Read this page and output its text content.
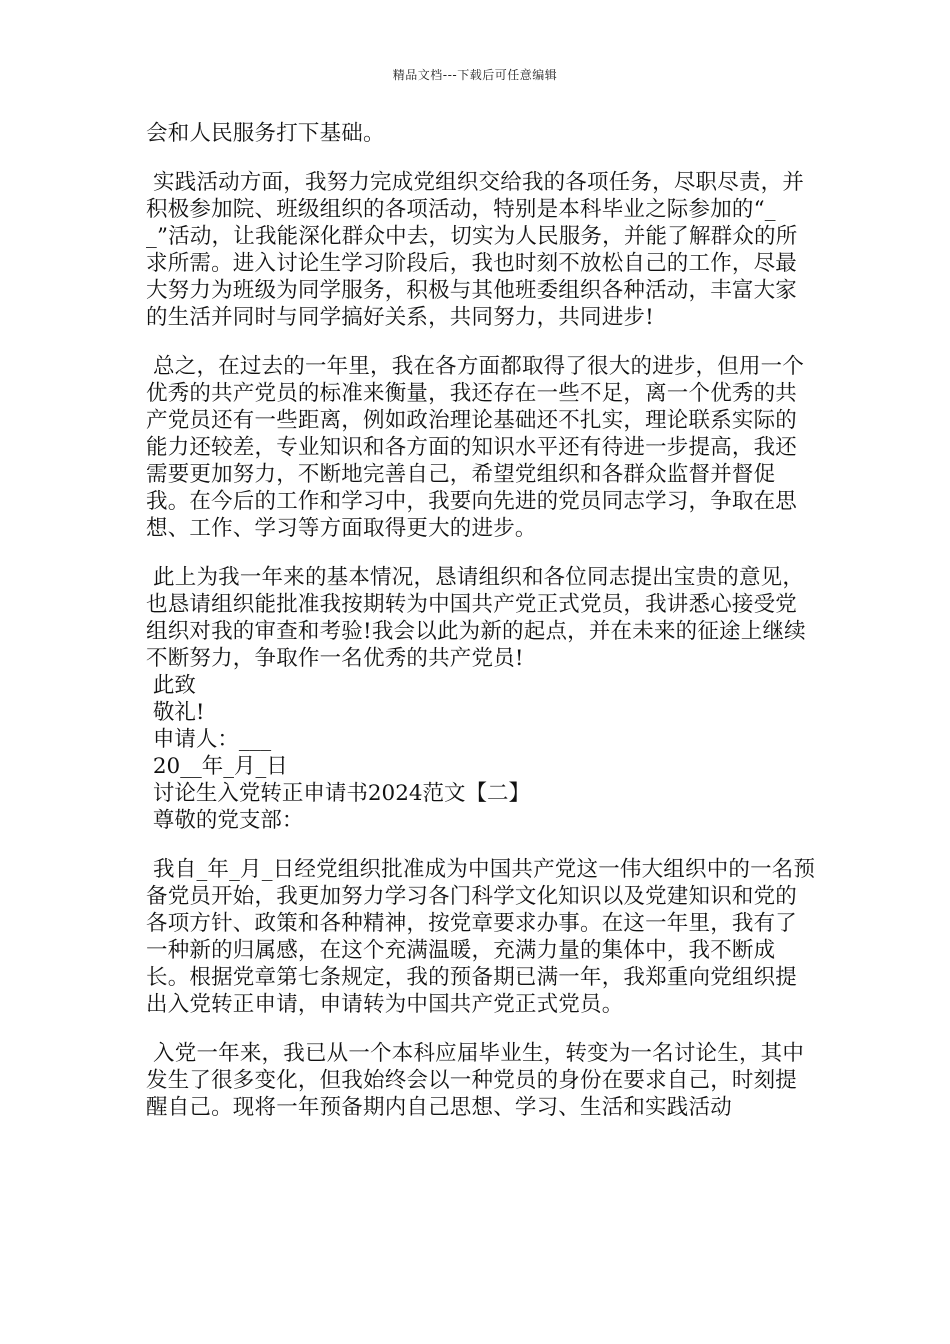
精品文档---下载后可任意编辑

会和人民服务打下基础。

实践活动方面，我努力完成党组织交给我的各项任务，尽职尽责，并积极参加院、班级组织的各项活动，特别是本科毕业之际参加的“__”活动，让我能深化群众中去，切实为人民服务，并能了解群众的所求所需。进入讨论生学习阶段后，我也时刻不放松自己的工作，尽最大努力为班级为同学服务，积极与其他班委组织各种活动，丰富大家的生活并同时与同学搞好关系，共同努力，共同进步!

总之，在过去的一年里，我在各方面都取得了很大的进步，但用一个优秀的共产党员的标准来衡量，我还存在一些不足，离一个优秀的共产党员还有一些距离，例如政治理论基础还不扎实，理论联系实际的能力还较差，专业知识和各方面的知识水平还有待进一步提高，我还需要更加努力，不断地完善自己，希望党组织和各群众监督并督促我。在今后的工作和学习中，我要向先进的党员同志学习，争取在思想、工作、学习等方面取得更大的进步。

此上为我一年来的基本情况，恳请组织和各位同志提出宝贵的意见，也恳请组织能批准我按期转为中国共产党正式党员，我讲悉心接受党组织对我的审查和考验!我会以此为新的起点，并在未来的征途上继续不断努力，争取作一名优秀的共产党员!

此致

敬礼!

申请人：___

20__年_月_日

讨论生入党转正申请书2024范文【二】

尊敬的党支部：

我自_年_月_日经党组织批准成为中国共产党这一伟大组织中的一名预备党员开始，我更加努力学习各门科学文化知识以及党建知识和党的各项方针、政策和各种精神，按党章要求办事。在这一年里，我有了一种新的归属感，在这个充满温暖，充满力量的集体中，我不断成长。根据党章第七条规定，我的预备期已满一年，我郑重向党组织提出入党转正申请，申请转为中国共产党正式党员。

入党一年来，我已从一个本科应届毕业生，转变为一名讨论生，其中发生了很多变化，但我始终会以一种党员的身份在要求自己，时刻提醒自己。现将一年预备期内自己思想、学习、生活和实践活动
